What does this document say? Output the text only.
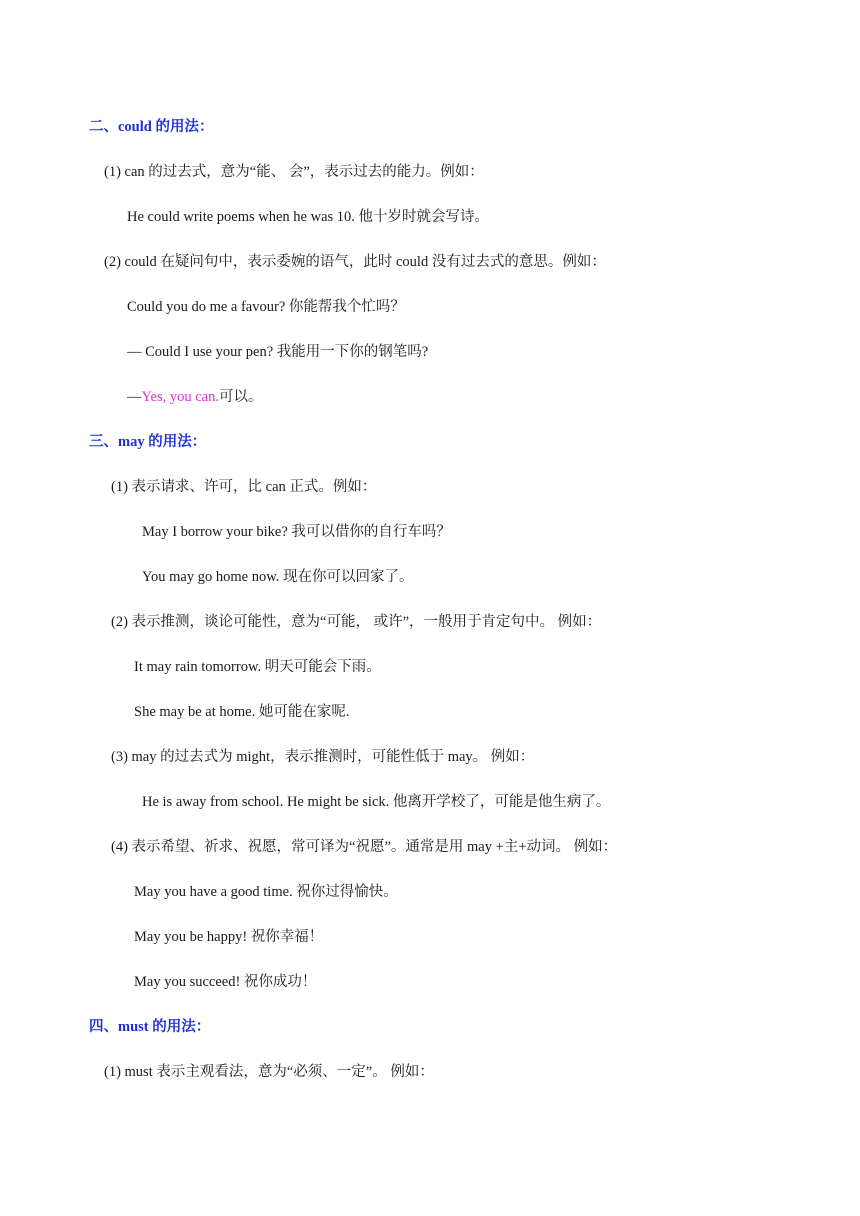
二、could 的用法：
(1) can 的过去式，意为“能、 会”，表示过去的能力。例如：
He could write poems when he was 10. 他十岁时就会写诗。
(2) could 在疑问句中，表示委婉的语气，此时 could 没有过去式的意思。例如：
Could you do me a favour? 你能帮我个忙吗？
— Could I use your pen? 我能用一下你的钢笔吗?
—Yes, you can.可以。
三、may 的用法：
(1) 表示请求、许可，比 can 正式。例如：
May I borrow your bike? 我可以借你的自行车吗？
You may go home now. 现在你可以回家了。
(2) 表示推测，谈论可能性，意为“可能， 或许”，一般用于肯定句中。 例如：
It may rain tomorrow. 明天可能会下雨。
She may be at home. 她可能在家呢.
(3) may 的过去式为 might，表示推测时，可能性低于 may。 例如：
He is away from school. He might be sick. 他离开学校了，可能是他生病了。
(4) 表示希望、祈求、祝愿，常可译为“祝愿”。通常是用 may +主+动词。 例如：
May you have a good time. 祝你过得愉快。
May you be happy! 祝你幸福！
May you succeed! 祝你成功！
四、must 的用法：
(1) must 表示主观看法，意为“必须、一定”。 例如：
